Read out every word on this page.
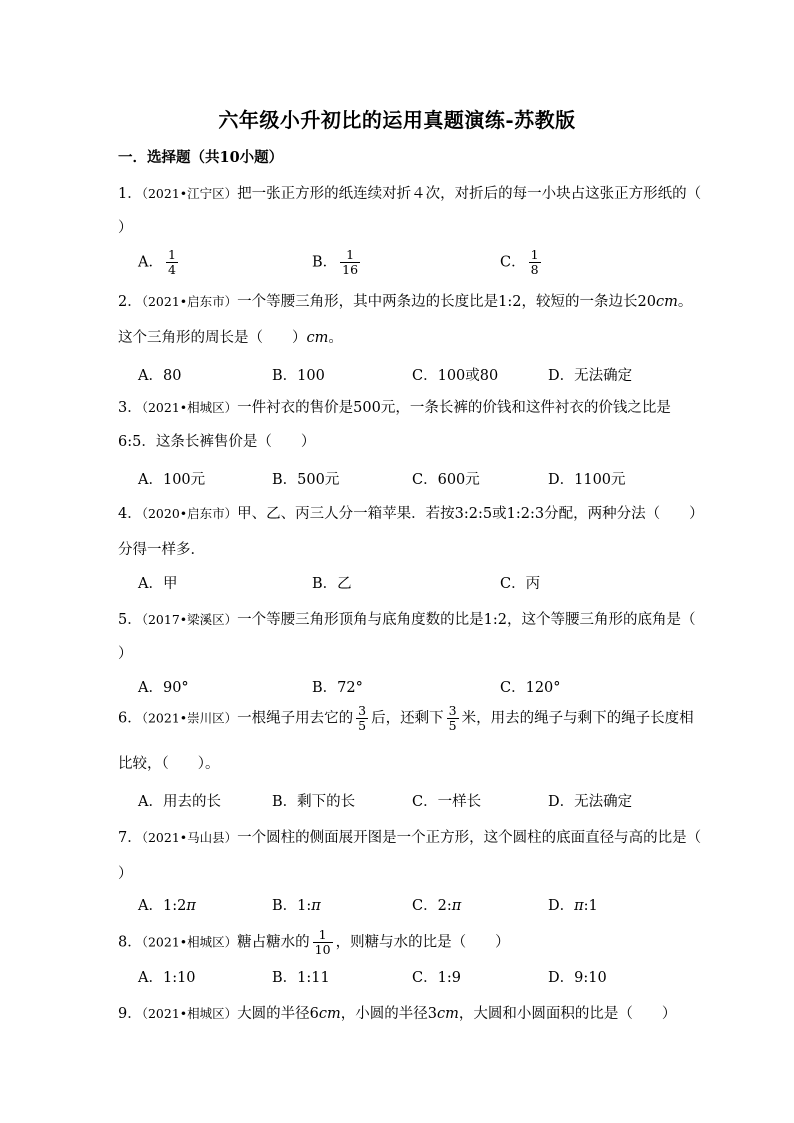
六年级小升初比的运用真题演练-苏教版
一．选择题（共10小题）
1．（2021•江宁区）把一张正方形的纸连续对折４次，对折后的每一小块占这张正方形纸的（
）
A． $\frac{1}{4}$	B． $\frac{1}{16}$	C． $\frac{1}{8}$
2．（2021•启东市）一个等腰三角形，其中两条边的长度比是1:2，较短的一条边长20cm。
这个三角形的周长是（　　）cm。
A．80	B．100	C．100或80	D．无法确定
3．（2021•相城区）一件衬衣的售价是500元，一条长裤的价钱和这件衬衣的价钱之比是
6:5．这条长裤售价是（　　）
A．100元	B．500元	C．600元	D．1100元
4．（2020•启东市）甲、乙、丙三人分一箱苹果．若按3:2:5或1:2:3分配，两种分法（　　）
分得一样多．
A．甲	B．乙	C．丙
5．（2017•梁溪区）一个等腰三角形顶角与底角度数的比是1:2，这个等腰三角形的底角是（
）
A．90°	B．72°	C．120°
6．（2021•崇川区）一根绳子用去它的 $\frac{3}{5}$ 后，还剩下 $\frac{3}{5}$ 米，用去的绳子与剩下的绳子长度相
比较，（　　）。
A．用去的长	B．剩下的长	C．一样长	D．无法确定
7．（2021•马山县）一个圆柱的侧面展开图是一个正方形，这个圆柱的底面直径与高的比是（
）
A．1:2π	B．1:π	C．2:π	D．π:1
8．（2021•相城区）糖占糖水的 $\frac{1}{10}$ ，则糖与水的比是（　　）
A．1:10	B．1:11	C．1:9	D．9:10
9．（2021•相城区）大圆的半径6cm，小圆的半径3cm，大圆和小圆面积的比是（　　）
